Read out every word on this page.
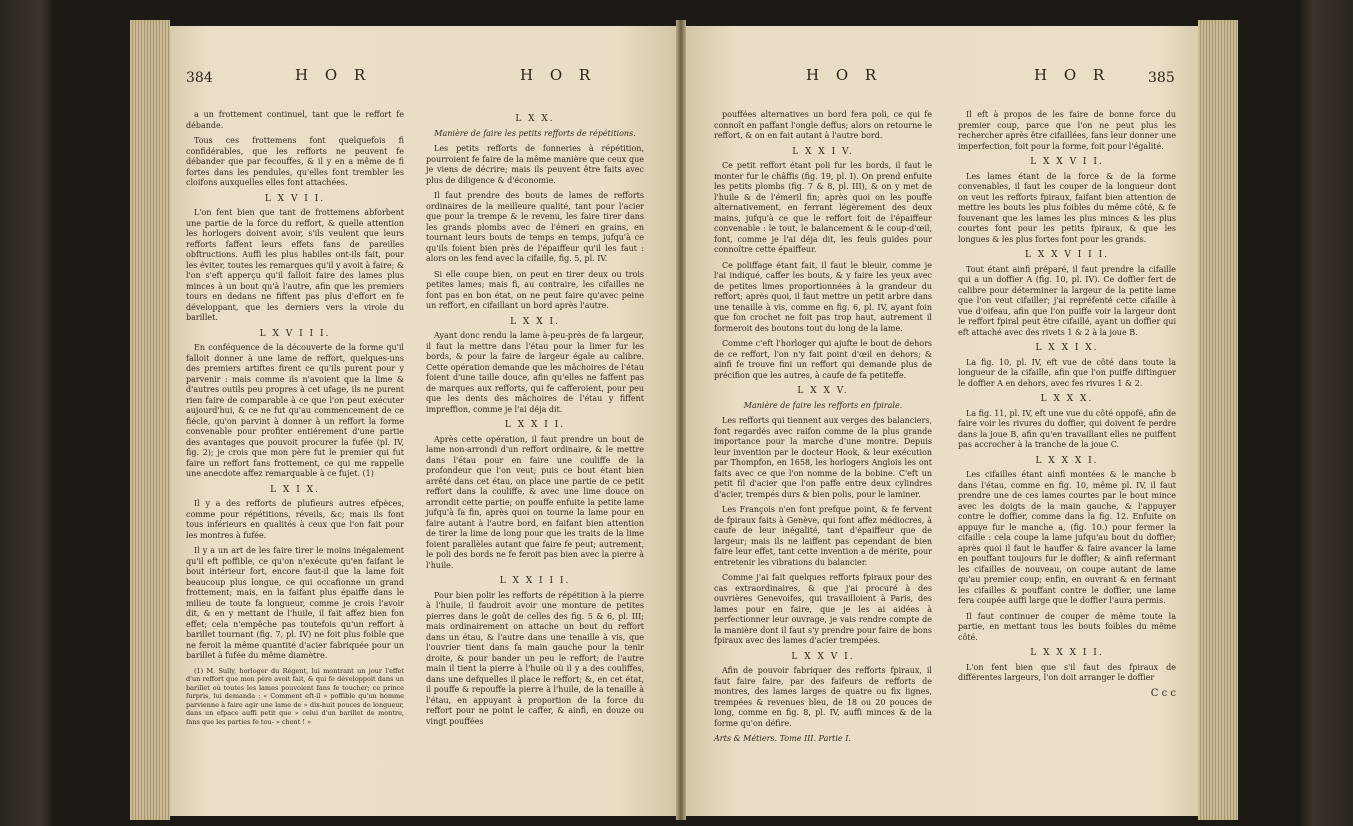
384	H O R	H O R

a un frottement continuel, tant que le reffort fe débande.

Tous ces frottemens font quelquefois fi confidérables, que les refforts ne peuvent fe débander que par fecouffes, & il y en a même de fi fortes dans les pendules, qu'elles font trembler les cloifons auxquelles elles font attachées.

L X V I I.

L'on fent bien que tant de frottemens abforbent une partie de la force du reffort, & quelle attention les horlogers doivent avoir, s'ils veulent que leurs refforts faffent leurs effets fans de pareilles obftructions. Auffi les plus habiles ont-ils fait, pour les éviter, toutes les remarques qu'il y avoit à faire; & l'on s'eft apperçu qu'il falloit faire des lames plus minces à un bout qu'à l'autre, afin que les premiers tours en dedans ne fiffent pas plus d'effort en fe développant, que les derniers vers la virole du barillet.

L X V I I I.

En conféquence de la découverte de la forme qu'il falloit donner à une lame de reffort, quelques-uns des premiers artiftes firent ce qu'ils purent pour y parvenir : mais comme ils n'avoient que la lime & d'autres outils peu propres à cet ufage, ils ne purent rien faire de comparable à ce que l'on peut exécuter aujourd'hui, & ce ne fut qu'au commencement de ce fiécle, qu'on parvint à donner à un reffort la forme convenable pour profiter entiérement d'une partie des avantages que pouvoit procurer la fufée (pl. IV, fig. 2); je crois que mon père fut le premier qui fut faire un reffort fans frottement, ce qui me rappelle une anecdote affez remarquable à ce fujet. (1)

L X I X.

Il y a des refforts de plufieurs autres efpèces, comme pour répétitions, réveils, &c; mais ils font tous inférieurs en qualités à ceux que l'on fait pour les montres à fufée.

Il y a un art de les faire tirer le moins inégalement qu'il eft poffible, ce qu'on n'exécute qu'en faifant le bout intérieur fort, encore faut-il que la lame foit beaucoup plus longue, ce qui occafionne un grand frottement; mais, en la faifant plus épaiffe dans le milieu de toute fa longueur, comme je crois l'avoir dit, & en y mettant de l'huile, il fait affez bien fon effet; cela n'empêche pas toutefois qu'un reffort à barillet tournant (fig. 7, pl. IV) ne foit plus foible que ne feroit la même quantité d'acier fabriquée pour un barillet à fufée du même diamètre.

(1) M. Sully, horloger du Régent, lui montrant un jour l'effet d'un reffort que mon père avoit fait, & qui fe développoit dans un barillet où toutes les lames pouvoient fans fe toucher; ce prince furpris, lui demanda : « Comment eft-il » poffible qu'un homme parvienne à faire agir une lame de » dix-huit pouces de longueur, dans un efpace auffi petit que » celui d'un barillet de montre, fans que les parties fe tou- » chent ! »

L X X.

Manière de faire les petits refforts de répétitions.

Les petits refforts de fonneries à répétition, pourroient fe faire de la même manière que ceux que je viens de décrire; mais ils peuvent être faits avec plus de diligence & d'économie.

Il faut prendre des bouts de lames de refforts ordinaires de la meilleure qualité, tant pour l'acier que pour la trempe & le revenu, les faire tirer dans les grands plombs avec de l'émeri en grains, en tournant leurs bouts de temps en temps, jufqu'à ce qu'ils foient bien près de l'épaiffeur qu'il les faut : alors on les fend avec la cifaille, fig. 5, pl. IV.

Si elle coupe bien, on peut en tirer deux ou trois petites lames; mais fi, au contraire, les cifailles ne font pas en bon état, on ne peut faire qu'avec peine un reffort, en cifaillant un bord après l'autre.

L X X I.

Ayant donc rendu la lame à-peu-près de fa largeur, il faut la mettre dans l'étau pour la limer fur les bords, & pour la faire de largeur égale au calibre. Cette opération demande que les mâchoires de l'étau foient d'une taille douce, afin qu'elles ne faffent pas de marques aux refforts, qui fe cafferoient, pour peu que les dents des mâchoires de l'étau y fiffent impreffion, comme je l'ai déja dit.

L X X I I.

Après cette opération, il faut prendre un bout de lame non-arrondi d'un reffort ordinaire, & le mettre dans l'étau pour en faire une couliffe de la profondeur que l'on veut; puis ce bout étant bien arrêté dans cet étau, on place une partie de ce petit reffort dans la couliffe, & avec une lime douce on arrondit cette partie; on pouffe enfuite la petite lame jufqu'à fa fin, après quoi on tourne la lame pour en faire autant à l'autre bord, en faifant bien attention de tirer la lime de long pour que les traits de la lime foient parallèles autant que faire fe peut; autrement, le poli des bords ne fe feroit pas bien avec la pierre à l'huile.

L X X I I I.

Pour bien polir les refforts de répétition à la pierre à l'huile, il faudroit avoir une monture de petites pierres dans le goût de celles des fig. 5 & 6, pl. III; mais ordinairement on attache un bout du reffort dans un étau, & l'autre dans une tenaille à vis, que l'ouvrier tient dans fa main gauche pour la tenir droite, & pour bander un peu le reffort; de l'autre main il tient la pierre à l'huile où il y a des couliffes, dans une defquelles il place le reffort; &, en cet état, il pouffe & repouffe la pierre à l'huile, de la tenaille à l'étau, en appuyant à proportion de la force du reffort pour ne point le caffer, & ainfi, en douze ou vingt pouffées

H O R	H O R	385

pouffées alternatives un bord fera poli, ce qui fe connoît en paffant l'ongle deffus; alors on retourne le reffort, & on en fait autant à l'autre bord.

L X X I V.

Ce petit reffort étant poli fur les bords, il faut le monter fur le châffis (fig. 19, pl. I). On prend enfuite les petits plombs (fig. 7 & 8, pl. III), & on y met de l'huile & de l'émeril fin; après quoi on les pouffe alternativement, en ferrant légèrement des deux mains, jufqu'à ce que le reffort foit de l'épaiffeur convenable : le tout, le balancement & le coup-d'œil, font, comme je l'ai déja dit, les feuls guides pour connoître cette épaiffeur.

Ce poliffage étant fait, il faut le bleuir, comme je l'ai indiqué, caffer les bouts, & y faire les yeux avec de petites limes proportionnées à la grandeur du reffort; après quoi, il faut mettre un petit arbre dans une tenaille à vis, comme en fig. 6, pl. IV, ayant foin que fon crochet ne foit pas trop haut, autrement il formeroit des boutons tout du long de la lame.

Comme c'eft l'horloger qui ajufte le bout de dehors de ce reffort, l'on n'y fait point d'œil en dehors; & ainfi fe trouve fini un reffort qui demande plus de précifion que les autres, à caufe de fa petiteffe.

L X X V.

Manière de faire les refforts en fpirale.

Les refforts qui tiennent aux verges des balanciers, font regardés avec raifon comme de la plus grande importance pour la marche d'une montre. Depuis leur invention par le docteur Hook, & leur exécution par Thompfon, en 1658, les horlogers Anglois les ont faits avec ce que l'on nomme de la bobine. C'eft un petit fil d'acier que l'on paffe entre deux cylindres d'acier, trempés durs & bien polis, pour le laminer.

Les François n'en font prefque point, & fe fervent de fpiraux faits à Genève, qui font affez médiocres, à caufe de leur inégalité, tant d'épaiffeur que de largeur; mais ils ne laiffent pas cependant de bien faire leur effet, tant cette invention a de mérite, pour entretenir les vibrations du balancier.

Comme j'ai fait quelques refforts fpiraux pour des cas extraordinaires, & que j'ai procuré à des ouvrières Genevoifes, qui travailloient à Paris, des lames pour en faire, que je les ai aidées à perfectionner leur ouvrage, je vais rendre compte de la manière dont il faut s'y prendre pour faire de bons fpiraux avec des lames d'acier trempées.

L X X V I.

Afin de pouvoir fabriquer des refforts fpiraux, il faut faire faire, par des faifeurs de refforts de montres, des lames larges de quatre ou fix lignes, trempées & revenues bleu, de 18 ou 20 pouces de long, comme en fig. 8, pl. IV, auffi minces & de la forme qu'on défire.

Arts & Métiers. Tome III. Partie I.

Il eft à propos de les faire de bonne force du premier coup, parce que l'on ne peut plus les rechercher après être cifaillées, fans leur donner une imperfection, foit pour la forme, foit pour l'égalité.

L X X V I I.

Les lames étant de la force & de la forme convenables, il faut les couper de la longueur dont on veut les refforts fpiraux, faifant bien attention de mettre les bouts les plus foibles du même côté, & fe fouvenant que les lames les plus minces & les plus courtes font pour les petits fpiraux, & que les longues & les plus fortes font pour les grands.

L X X V I I I.

Tout étant ainfi préparé, il faut prendre la cifaille qui a un doffier A (fig. 10, pl. IV). Ce doffier fert de calibre pour déterminer la largeur de la petite lame que l'on veut cifailler; j'ai repréfenté cette cifaille à vue d'oifeau, afin que l'on puiffe voir la largeur dont le reffort fpiral peut être cifaillé, ayant un doffier qui eft attaché avec des rivets 1 & 2 à la joue B.

L X X I X.

La fig. 10, pl. IV, eft vue de côté dans toute la longueur de la cifaille, afin que l'on puiffe diftinguer le doffier A en dehors, avec fes rivures 1 & 2.

L X X X.

La fig. 11, pl. IV, eft une vue du côté oppofé, afin de faire voir les rivures du doffier, qui doivent fe perdre dans la joue B, afin qu'en travaillant elles ne puiffent pas accrocher à la tranche de la joue C.

L X X X I.

Les cifailles étant ainfi montées & le manche b dans l'étau, comme en fig. 10, même pl. IV, il faut prendre une de ces lames courtes par le bout mince avec les doigts de la main gauche, & l'appuyer contre le doffier, comme dans la fig. 12. Enfuite on appuye fur le manche a, (fig. 10.) pour fermer la cifaille : cela coupe la lame jufqu'au bout du doffier; après quoi il faut le hauffer & faire avancer la lame en pouffant toujours fur le doffier; & ainfi refermant les cifailles de nouveau, on coupe autant de lame qu'au premier coup; enfin, en ouvrant & en fermant les cifailles & pouffant contre le doffier, une lame fera coupée auffi large que le doffier l'aura permis.

Il faut continuer de couper de même toute la partie, en mettant tous les bouts foibles du même côté.

L X X X I I.

L'on fent bien que s'il faut des fpiraux de différentes largeurs, l'on doit arranger le doffier

C c c
